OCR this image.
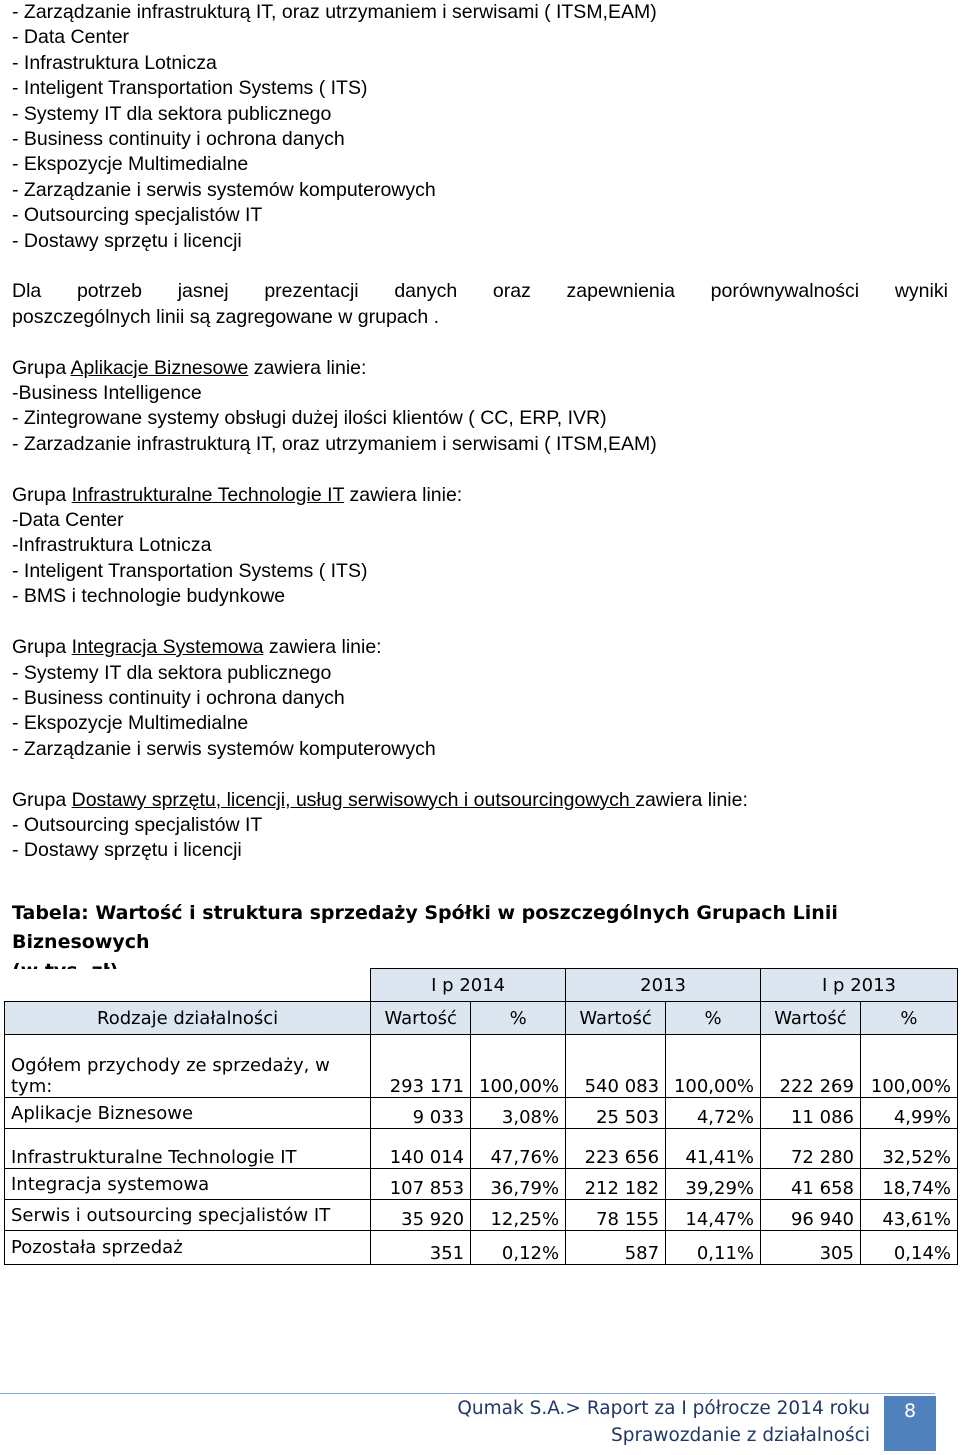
- Zarządzanie infrastrukturą IT, oraz utrzymaniem i serwisami ( ITSM,EAM)
- Data Center
- Infrastruktura Lotnicza
- Inteligent Transportation Systems ( ITS)
- Systemy IT dla sektora publicznego
- Business continuity i ochrona danych
- Ekspozycje Multimedialne
- Zarządzanie i serwis systemów komputerowych
- Outsourcing specjalistów IT
- Dostawy sprzętu i licencji
Dla potrzeb jasnej prezentacji danych oraz zapewnienia porównywalności wyniki
poszczególnych linii są zagregowane w grupach .
Grupa Aplikacje Biznesowe zawiera linie:
-Business Intelligence
- Zintegrowane systemy obsługi dużej ilości klientów ( CC, ERP, IVR)
- Zarzadzanie infrastrukturą IT, oraz utrzymaniem i serwisami ( ITSM,EAM)
Grupa Infrastrukturalne Technologie IT zawiera linie:
-Data Center
-Infrastruktura Lotnicza
- Inteligent Transportation Systems ( ITS)
- BMS i technologie budynkowe
Grupa Integracja Systemowa zawiera linie:
- Systemy IT dla sektora publicznego
- Business continuity i ochrona danych
- Ekspozycje Multimedialne
- Zarządzanie i serwis systemów komputerowych
Grupa Dostawy sprzętu, licencji, usług serwisowych i outsourcingowych zawiera linie:
- Outsourcing specjalistów IT
- Dostawy sprzętu i licencji
Tabela: Wartość i struktura sprzedaży Spółki w poszczególnych Grupach Linii Biznesowych
	I p 2014		2013		I p 2013	
Rodzaje działalności	Wartość	%	Wartość	%	Wartość	%

Ogółem przychody ze sprzedaży, w
tym:	293 171	100,00%	540 083	100,00%	222 269	100,00%
Aplikacje Biznesowe	9 033	3,08%	25 503	4,72%	11 086	4,99%
Infrastrukturalne Technologie IT	140 014	47,76%	223 656	41,41%	72 280	32,52%
Integracja systemowa	107 853	36,79%	212 182	39,29%	41 658	18,74%
Serwis i outsourcing specjalistów IT	35 920	12,25%	78 155	14,47%	96 940	43,61%
Pozostała sprzedaż	351	0,12%	587	0,11%	305	0,14%
Qumak S.A.> Raport za I półrocze 2014 roku
Sprawozdanie z działalności
8
